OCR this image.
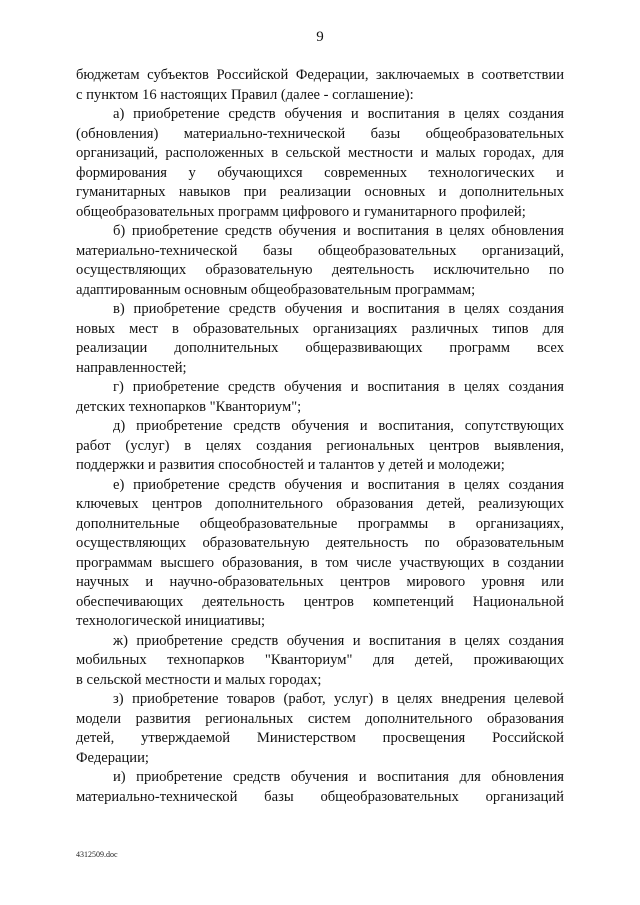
9

бюджетам субъектов Российской Федерации, заключаемых в соответствии

с пунктом 16 настоящих Правил (далее - соглашение):

а) приобретение средств обучения и воспитания в целях создания

(обновления) материально-технической базы общеобразовательных

организаций, расположенных в сельской местности и малых городах, для

формирования у обучающихся современных технологических и

гуманитарных навыков при реализации основных и дополнительных

общеобразовательных программ цифрового и гуманитарного профилей;

б) приобретение средств обучения и воспитания в целях обновления

материально-технической базы общеобразовательных организаций,

осуществляющих образовательную деятельность исключительно по

адаптированным основным общеобразовательным программам;

в) приобретение средств обучения и воспитания в целях создания

новых мест в образовательных организациях различных типов для

реализации дополнительных общеразвивающих программ всех

направленностей;

г) приобретение средств обучения и воспитания в целях создания

детских технопарков "Кванториум";

д) приобретение средств обучения и воспитания, сопутствующих

работ (услуг) в целях создания региональных центров выявления,

поддержки и развития способностей и талантов у детей и молодежи;

е) приобретение средств обучения и воспитания в целях создания

ключевых центров дополнительного образования детей, реализующих

дополнительные общеобразовательные программы в организациях,

осуществляющих образовательную деятельность по образовательным

программам высшего образования, в том числе участвующих в создании

научных и научно-образовательных центров мирового уровня или

обеспечивающих деятельность центров компетенций Национальной

технологической инициативы;

ж) приобретение средств обучения и воспитания в целях создания

мобильных технопарков "Кванториум" для детей, проживающих

в сельской местности и малых городах;

з) приобретение товаров (работ, услуг) в целях внедрения целевой

модели развития региональных систем дополнительного образования

детей, утверждаемой Министерством просвещения Российской

Федерации;

и) приобретение средств обучения и воспитания для обновления

материально-технической базы общеобразовательных организаций

4312509.doc
